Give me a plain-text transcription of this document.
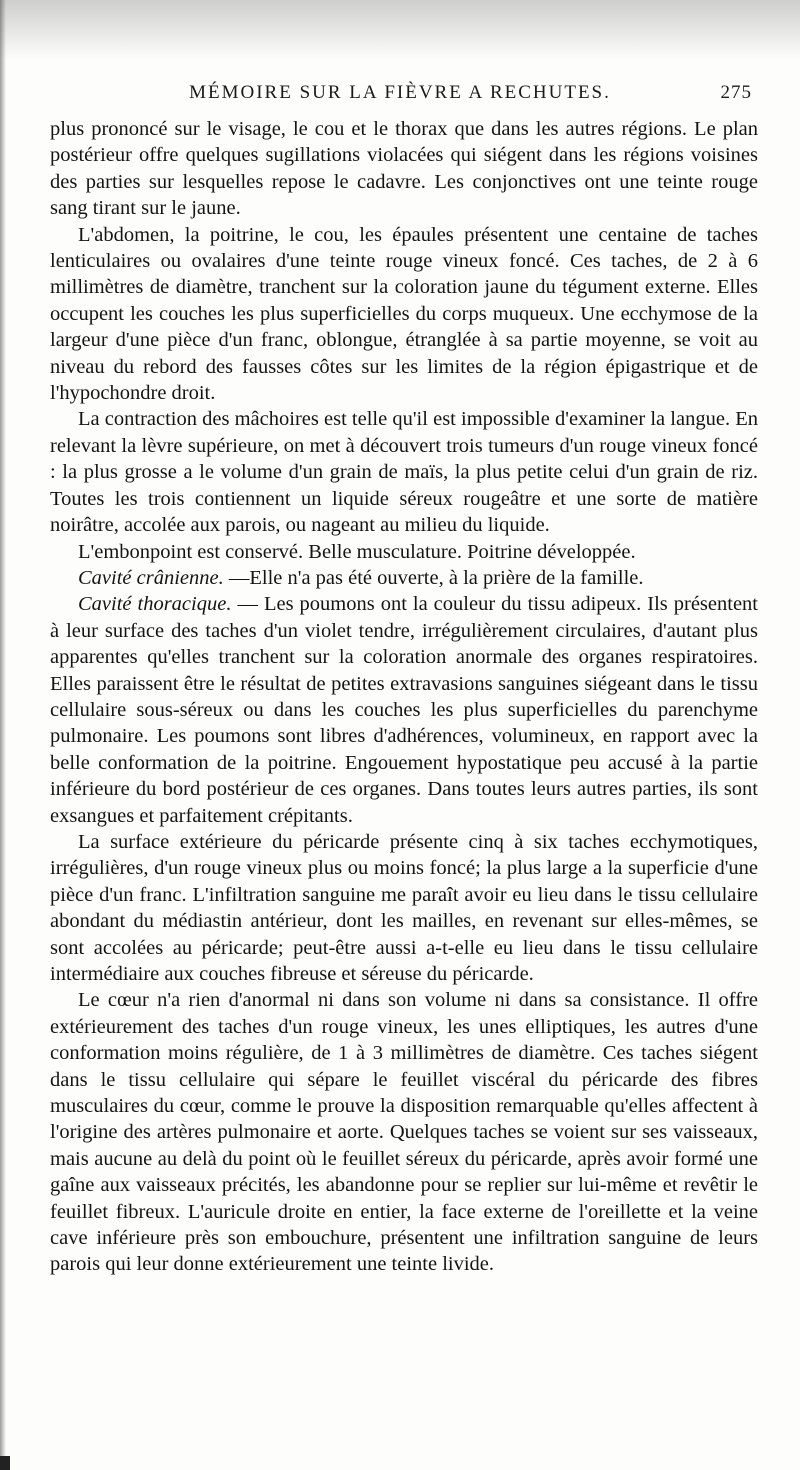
MÉMOIRE SUR LA FIÈVRE A RECHUTES.	275

plus prononcé sur le visage, le cou et le thorax que dans les autres régions. Le plan postérieur offre quelques sugillations violacées qui siégent dans les régions voisines des parties sur lesquelles repose le cadavre. Les conjonctives ont une teinte rouge sang tirant sur le jaune.

L'abdomen, la poitrine, le cou, les épaules présentent une centaine de taches lenticulaires ou ovalaires d'une teinte rouge vineux foncé. Ces taches, de 2 à 6 millimètres de diamètre, tranchent sur la coloration jaune du tégument externe. Elles occupent les couches les plus superficielles du corps muqueux. Une ecchymose de la largeur d'une pièce d'un franc, oblongue, étranglée à sa partie moyenne, se voit au niveau du rebord des fausses côtes sur les limites de la région épigastrique et de l'hypochondre droit.

La contraction des mâchoires est telle qu'il est impossible d'examiner la langue. En relevant la lèvre supérieure, on met à découvert trois tumeurs d'un rouge vineux foncé : la plus grosse a le volume d'un grain de maïs, la plus petite celui d'un grain de riz. Toutes les trois contiennent un liquide séreux rougeâtre et une sorte de matière noirâtre, accolée aux parois, ou nageant au milieu du liquide.

L'embonpoint est conservé. Belle musculature. Poitrine développée.

Cavité crânienne. —Elle n'a pas été ouverte, à la prière de la famille.

Cavité thoracique. — Les poumons ont la couleur du tissu adipeux. Ils présentent à leur surface des taches d'un violet tendre, irrégulièrement circulaires, d'autant plus apparentes qu'elles tranchent sur la coloration anormale des organes respiratoires. Elles paraissent être le résultat de petites extravasions sanguines siégeant dans le tissu cellulaire sous-séreux ou dans les couches les plus superficielles du parenchyme pulmonaire. Les poumons sont libres d'adhérences, volumineux, en rapport avec la belle conformation de la poitrine. Engouement hypostatique peu accusé à la partie inférieure du bord postérieur de ces organes. Dans toutes leurs autres parties, ils sont exsangues et parfaitement crépitants.

La surface extérieure du péricarde présente cinq à six taches ecchymotiques, irrégulières, d'un rouge vineux plus ou moins foncé; la plus large a la superficie d'une pièce d'un franc. L'infiltration sanguine me paraît avoir eu lieu dans le tissu cellulaire abondant du médiastin antérieur, dont les mailles, en revenant sur elles-mêmes, se sont accolées au péricarde; peut-être aussi a-t-elle eu lieu dans le tissu cellulaire intermédiaire aux couches fibreuse et séreuse du péricarde.

Le cœur n'a rien d'anormal ni dans son volume ni dans sa consistance. Il offre extérieurement des taches d'un rouge vineux, les unes elliptiques, les autres d'une conformation moins régulière, de 1 à 3 millimètres de diamètre. Ces taches siégent dans le tissu cellulaire qui sépare le feuillet viscéral du péricarde des fibres musculaires du cœur, comme le prouve la disposition remarquable qu'elles affectent à l'origine des artères pulmonaire et aorte. Quelques taches se voient sur ses vaisseaux, mais aucune au delà du point où le feuillet séreux du péricarde, après avoir formé une gaîne aux vaisseaux précités, les abandonne pour se replier sur lui-même et revêtir le feuillet fibreux. L'auricule droite en entier, la face externe de l'oreillette et la veine cave inférieure près son embouchure, présentent une infiltration sanguine de leurs parois qui leur donne extérieurement une teinte livide.
